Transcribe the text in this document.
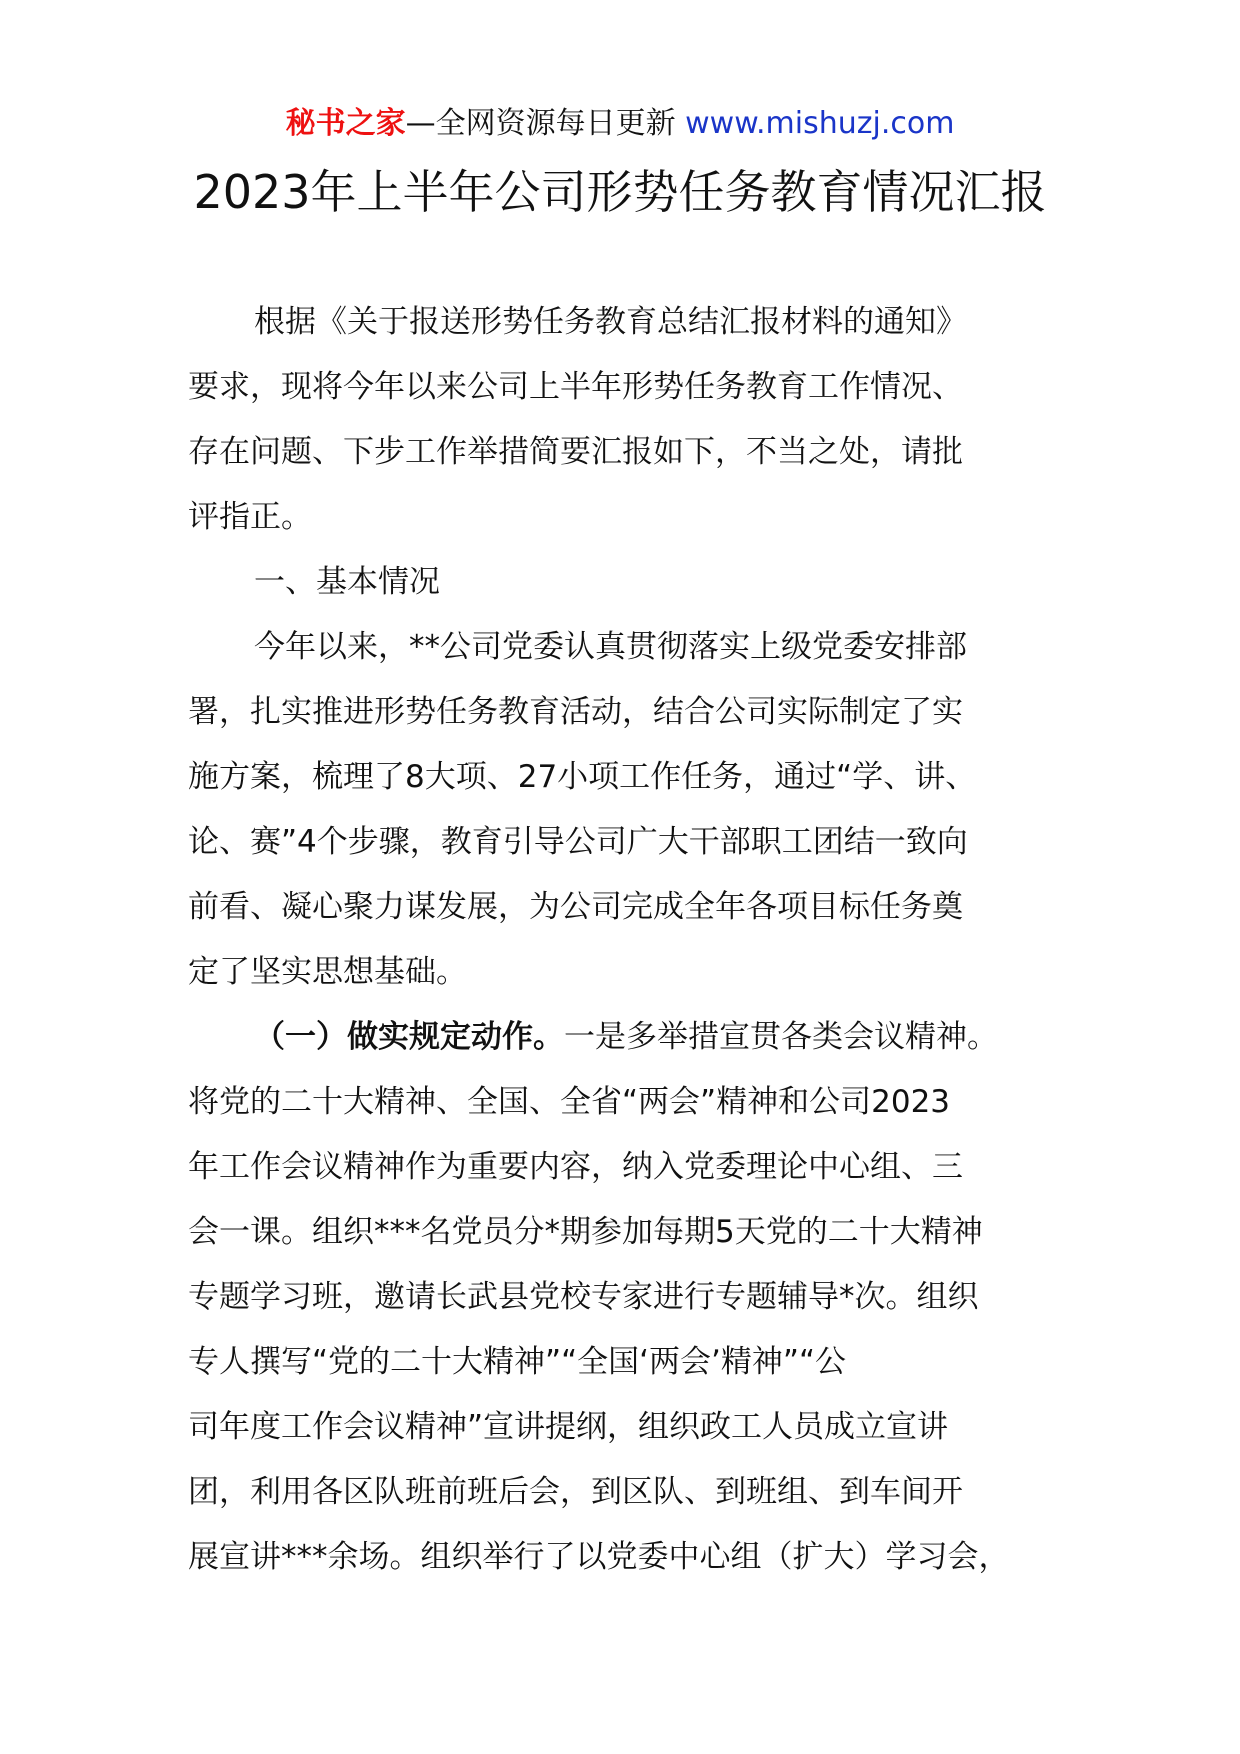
秘书之家—全网资源每日更新 www.mishuzj.com
2023年上半年公司形势任务教育情况汇报
根据《关于报送形势任务教育总结汇报材料的通知》
要求，现将今年以来公司上半年形势任务教育工作情况、
存在问题、下步工作举措简要汇报如下，不当之处，请批
评指正。
一、基本情况
今年以来，**公司党委认真贯彻落实上级党委安排部
署，扎实推进形势任务教育活动，结合公司实际制定了实
施方案，梳理了8大项、27小项工作任务，通过“学、讲、
论、赛”4个步骤，教育引导公司广大干部职工团结一致向
前看、凝心聚力谋发展，为公司完成全年各项目标任务奠
定了坚实思想基础。
（一）做实规定动作。一是多举措宣贯各类会议精神。
将党的二十大精神、全国、全省“两会”精神和公司2023
年工作会议精神作为重要内容，纳入党委理论中心组、三
会一课。组织***名党员分*期参加每期5天党的二十大精神
专题学习班，邀请长武县党校专家进行专题辅导*次。组织
专人撰写“党的二十大精神”“全国‘两会’精神”“公
司年度工作会议精神”宣讲提纲，组织政工人员成立宣讲
团，利用各区队班前班后会，到区队、到班组、到车间开
展宣讲***余场。组织举行了以党委中心组（扩大）学习会，
